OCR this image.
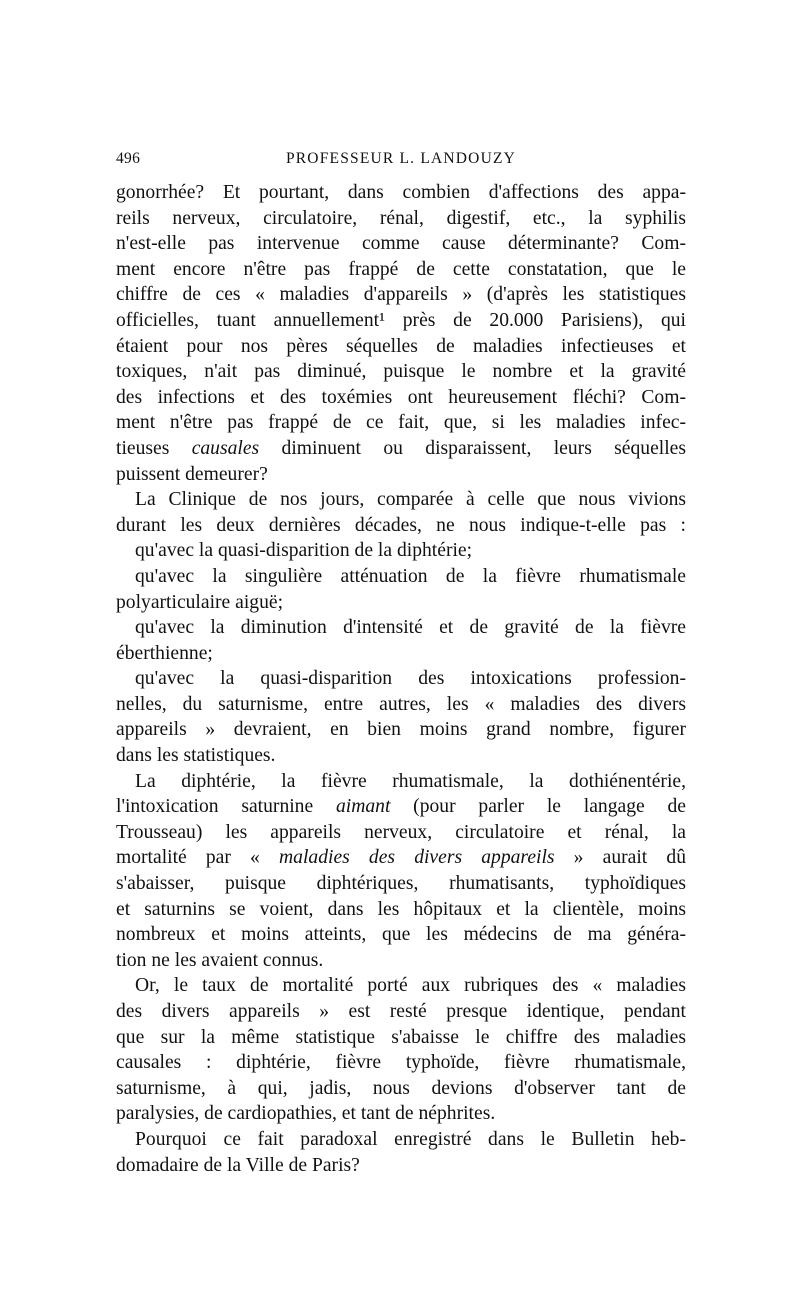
496	PROFESSEUR L. LANDOUZY
gonorrhée? Et pourtant, dans combien d'affections des appa-
reils nerveux, circulatoire, rénal, digestif, etc., la syphilis
n'est-elle pas intervenue comme cause déterminante? Com-
ment encore n'être pas frappé de cette constatation, que le
chiffre de ces « maladies d'appareils » (d'après les statistiques
officielles, tuant annuellement¹ près de 20.000 Parisiens), qui
étaient pour nos pères séquelles de maladies infectieuses et
toxiques, n'ait pas diminué, puisque le nombre et la gravité
des infections et des toxémies ont heureusement fléchi? Com-
ment n'être pas frappé de ce fait, que, si les maladies infec-
tieuses causales diminuent ou disparaissent, leurs séquelles
puissent demeurer?
La Clinique de nos jours, comparée à celle que nous vivions
durant les deux dernières décades, ne nous indique-t-elle pas :
qu'avec la quasi-disparition de la diphtérie;
qu'avec la singulière atténuation de la fièvre rhumatismale
polyarticulaire aiguë;
qu'avec la diminution d'intensité et de gravité de la fièvre
éberthienne;
qu'avec la quasi-disparition des intoxications profession-
nelles, du saturnisme, entre autres, les « maladies des divers
appareils » devraient, en bien moins grand nombre, figurer
dans les statistiques.
La diphtérie, la fièvre rhumatismale, la dothiénentérie,
l'intoxication saturnine aimant (pour parler le langage de
Trousseau) les appareils nerveux, circulatoire et rénal, la
mortalité par « maladies des divers appareils » aurait dû
s'abaisser, puisque diphtériques, rhumatisants, typhoïdiques
et saturnins se voient, dans les hôpitaux et la clientèle, moins
nombreux et moins atteints, que les médecins de ma généra-
tion ne les avaient connus.
Or, le taux de mortalité porté aux rubriques des « maladies
des divers appareils » est resté presque identique, pendant
que sur la même statistique s'abaisse le chiffre des maladies
causales : diphtérie, fièvre typhoïde, fièvre rhumatismale,
saturnisme, à qui, jadis, nous devions d'observer tant de
paralysies, de cardiopathies, et tant de néphrites.
Pourquoi ce fait paradoxal enregistré dans le Bulletin heb-
domadaire de la Ville de Paris?
